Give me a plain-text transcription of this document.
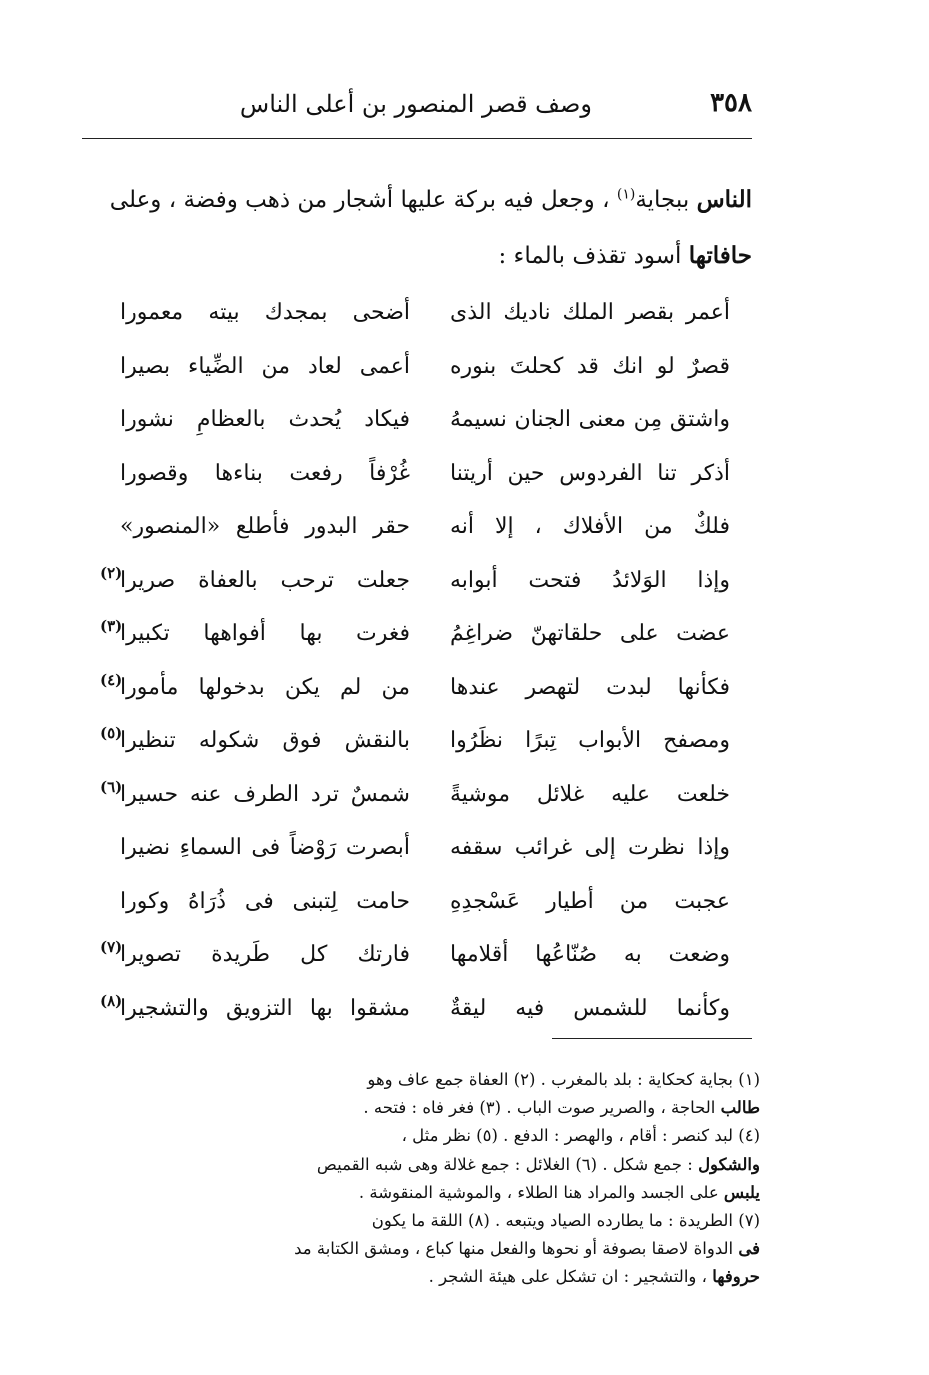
٣٥٨
وصف قصر المنصور بن أعلى الناس
الناس ببجاية$^{(١)}$ ، وجعل فيه بركة عليها أشجار من ذهب وفضة ، وعلى
حافاتها أسود تقذف بالماء :
أعمر بقصر الملك ناديك الذى
أضحى بمجدك بيته معمورا
قصرٌ لو انك قد كحلتَ بنوره
أعمى لعاد من الضِّياء بصيرا
واشتق مِن معنى الجنان نسيمهُ
فيكاد يُحدث بالعظامِ نشورا
أذكر تنا الفردوس حين أريتنا
غُرْفاً رفعت بناءها وقصورا
فلكٌ من الأفلاك ، إلا أنه
حقر البدور فأطلع «المنصور»
وإذا الوَلائدُ فتحت أبوابه
جعلت ترحب بالعفاة صريرا
(٢)
عضت على حلقاتهنّ ضراغِمُ
فغرت بها أفواهها تكبيرا
(٣)
فكأنها لبدت لتهصر عندها
من لم يكن بدخولها مأمورا
(٤)
ومصفح الأبواب تِبرًا نظَرُوا
بالنقش فوق شكوله تنظيرا
(٥)
خلعت عليه غلائل موشيةً
شمسٌ ترد الطرف عنه حسيرا
(٦)
وإذا نظرت إلى غرائب سقفه
أبصرت رَوْضاً فى السماءِ نضيرا
عجبت من أطيار عَسْجدِهِ
حامت لِتبنى فى ذُرَاهُ وكورا
وضعت به صُنّاعُها أقلامها
فارتك كل طَريدة تصويرا
(٧)
وكأنما للشمس فيه ليقةٌ
مشقوا بها التزويق والتشجيرا
(٨)

(١) بجاية كحكاية : بلد بالمغرب . (٢) العفاة جمع عاف وهو

طالب الحاجة ، والصرير صوت الباب . (٣) فغر فاه : فتحه .

(٤) لبد كنصر : أقام ، والهصر : الدفع . (٥) نظر مثل ،

والشكول : جمع شكل . (٦) الغلائل : جمع غلالة وهى شبه القميص

يلبس على الجسد والمراد هنا الطلاء ، والموشية المنقوشة .

(٧) الطريدة : ما يطارده الصياد ويتبعه . (٨) اللقة ما يكون

فى الدواة لاصقا بصوفة أو نحوها والفعل منها كباع ، ومشق الكتابة مد

حروفها ، والتشجير : ان تشكل على هيئة الشجر .
